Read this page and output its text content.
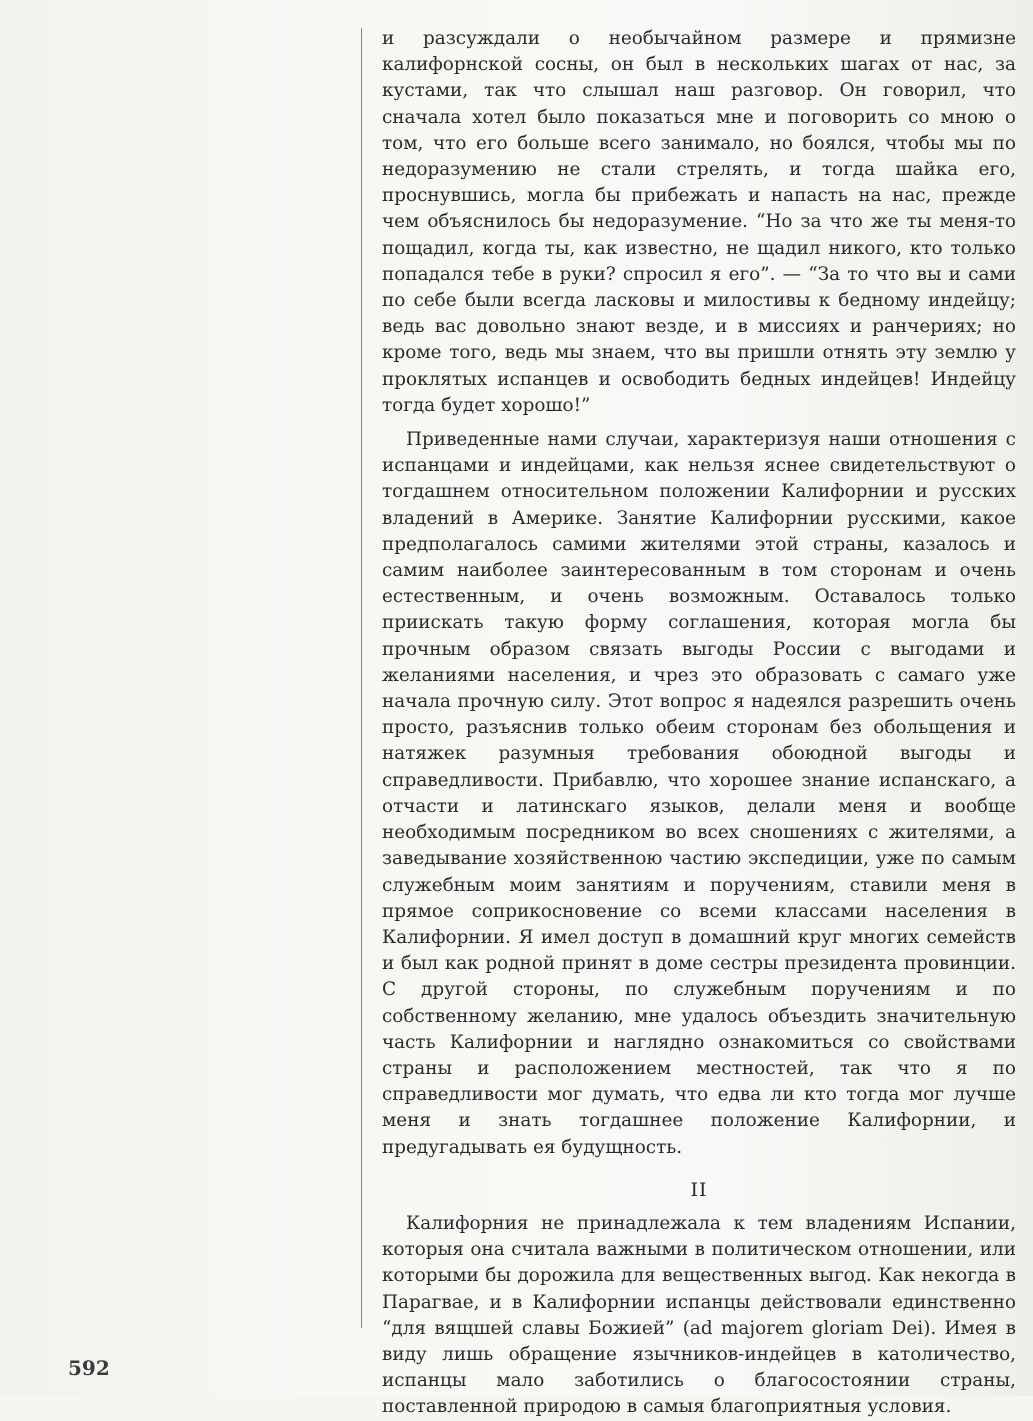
и разсуждали о необычайном размере и прямизне калифорнской сосны, он был в нескольких шагах от нас, за кустами, так что слышал наш разговор. Он говорил, что сначала хотел было показаться мне и поговорить со мною о том, что его больше всего занимало, но боялся, чтобы мы по недоразумению не стали стрелять, и тогда шайка его, проснувшись, могла бы прибежать и напасть на нас, прежде чем объяснилось бы недоразумение. “Но за что же ты меня-то пощадил, когда ты, как известно, не щадил никого, кто только попадался тебе в руки? спросил я его”. — “За то что вы и сами по себе были всегда ласковы и милостивы к бедному индейцу; ведь вас довольно знают везде, и в миссиях и ранчериях; но кроме того, ведь мы знаем, что вы пришли отнять эту землю у проклятых испанцев и освободить бедных индейцев! Индейцу тогда будет хорошо!”

Приведенные нами случаи, характеризуя наши отношения с испанцами и индейцами, как нельзя яснее свидетельствуют о тогдашнем относительном положении Калифорнии и русских владений в Америке. Занятие Калифорнии русскими, какое предполагалось самими жителями этой страны, казалось и самим наиболее заинтересованным в том сторонам и очень естественным, и очень возможным. Оставалось только приискать такую форму соглашения, которая могла бы прочным образом связать выгоды России с выгодами и желаниями населения, и чрез это образовать с самаго уже начала прочную силу. Этот вопрос я надеялся разрешить очень просто, разъяснив только обеим сторонам без обольщения и натяжек разумныя требования обоюдной выгоды и справедливости. Прибавлю, что хорошее знание испанскаго, а отчасти и латинскаго языков, делали меня и вообще необходимым посредником во всех сношениях с жителями, а заведывание хозяйственною частию экспедиции, уже по самым служебным моим занятиям и поручениям, ставили меня в прямое соприкосновение со всеми классами населения в Калифорнии. Я имел доступ в домашний круг многих семейств и был как родной принят в доме сестры президента провинции. С другой стороны, по служебным поручениям и по собственному желанию, мне удалось объездить значительную часть Калифорнии и наглядно ознакомиться со свойствами страны и расположением местностей, так что я по справедливости мог думать, что едва ли кто тогда мог лучше меня и знать тогдашнее положение Калифорнии, и предугадывать ея будущность.

II

Калифорния не принадлежала к тем владениям Испании, которыя она считала важными в политическом отношении, или которыми бы дорожила для вещественных выгод. Как некогда в Парагвае, и в Калифорнии испанцы действовали единственно “для вящшей славы Божией” (ad majorem gloriam Dei). Имея в виду лишь обращение язычников-индейцев в католичество, испанцы мало заботились о благосостоянии страны, поставленной природою в самыя благоприятныя условия.

592
